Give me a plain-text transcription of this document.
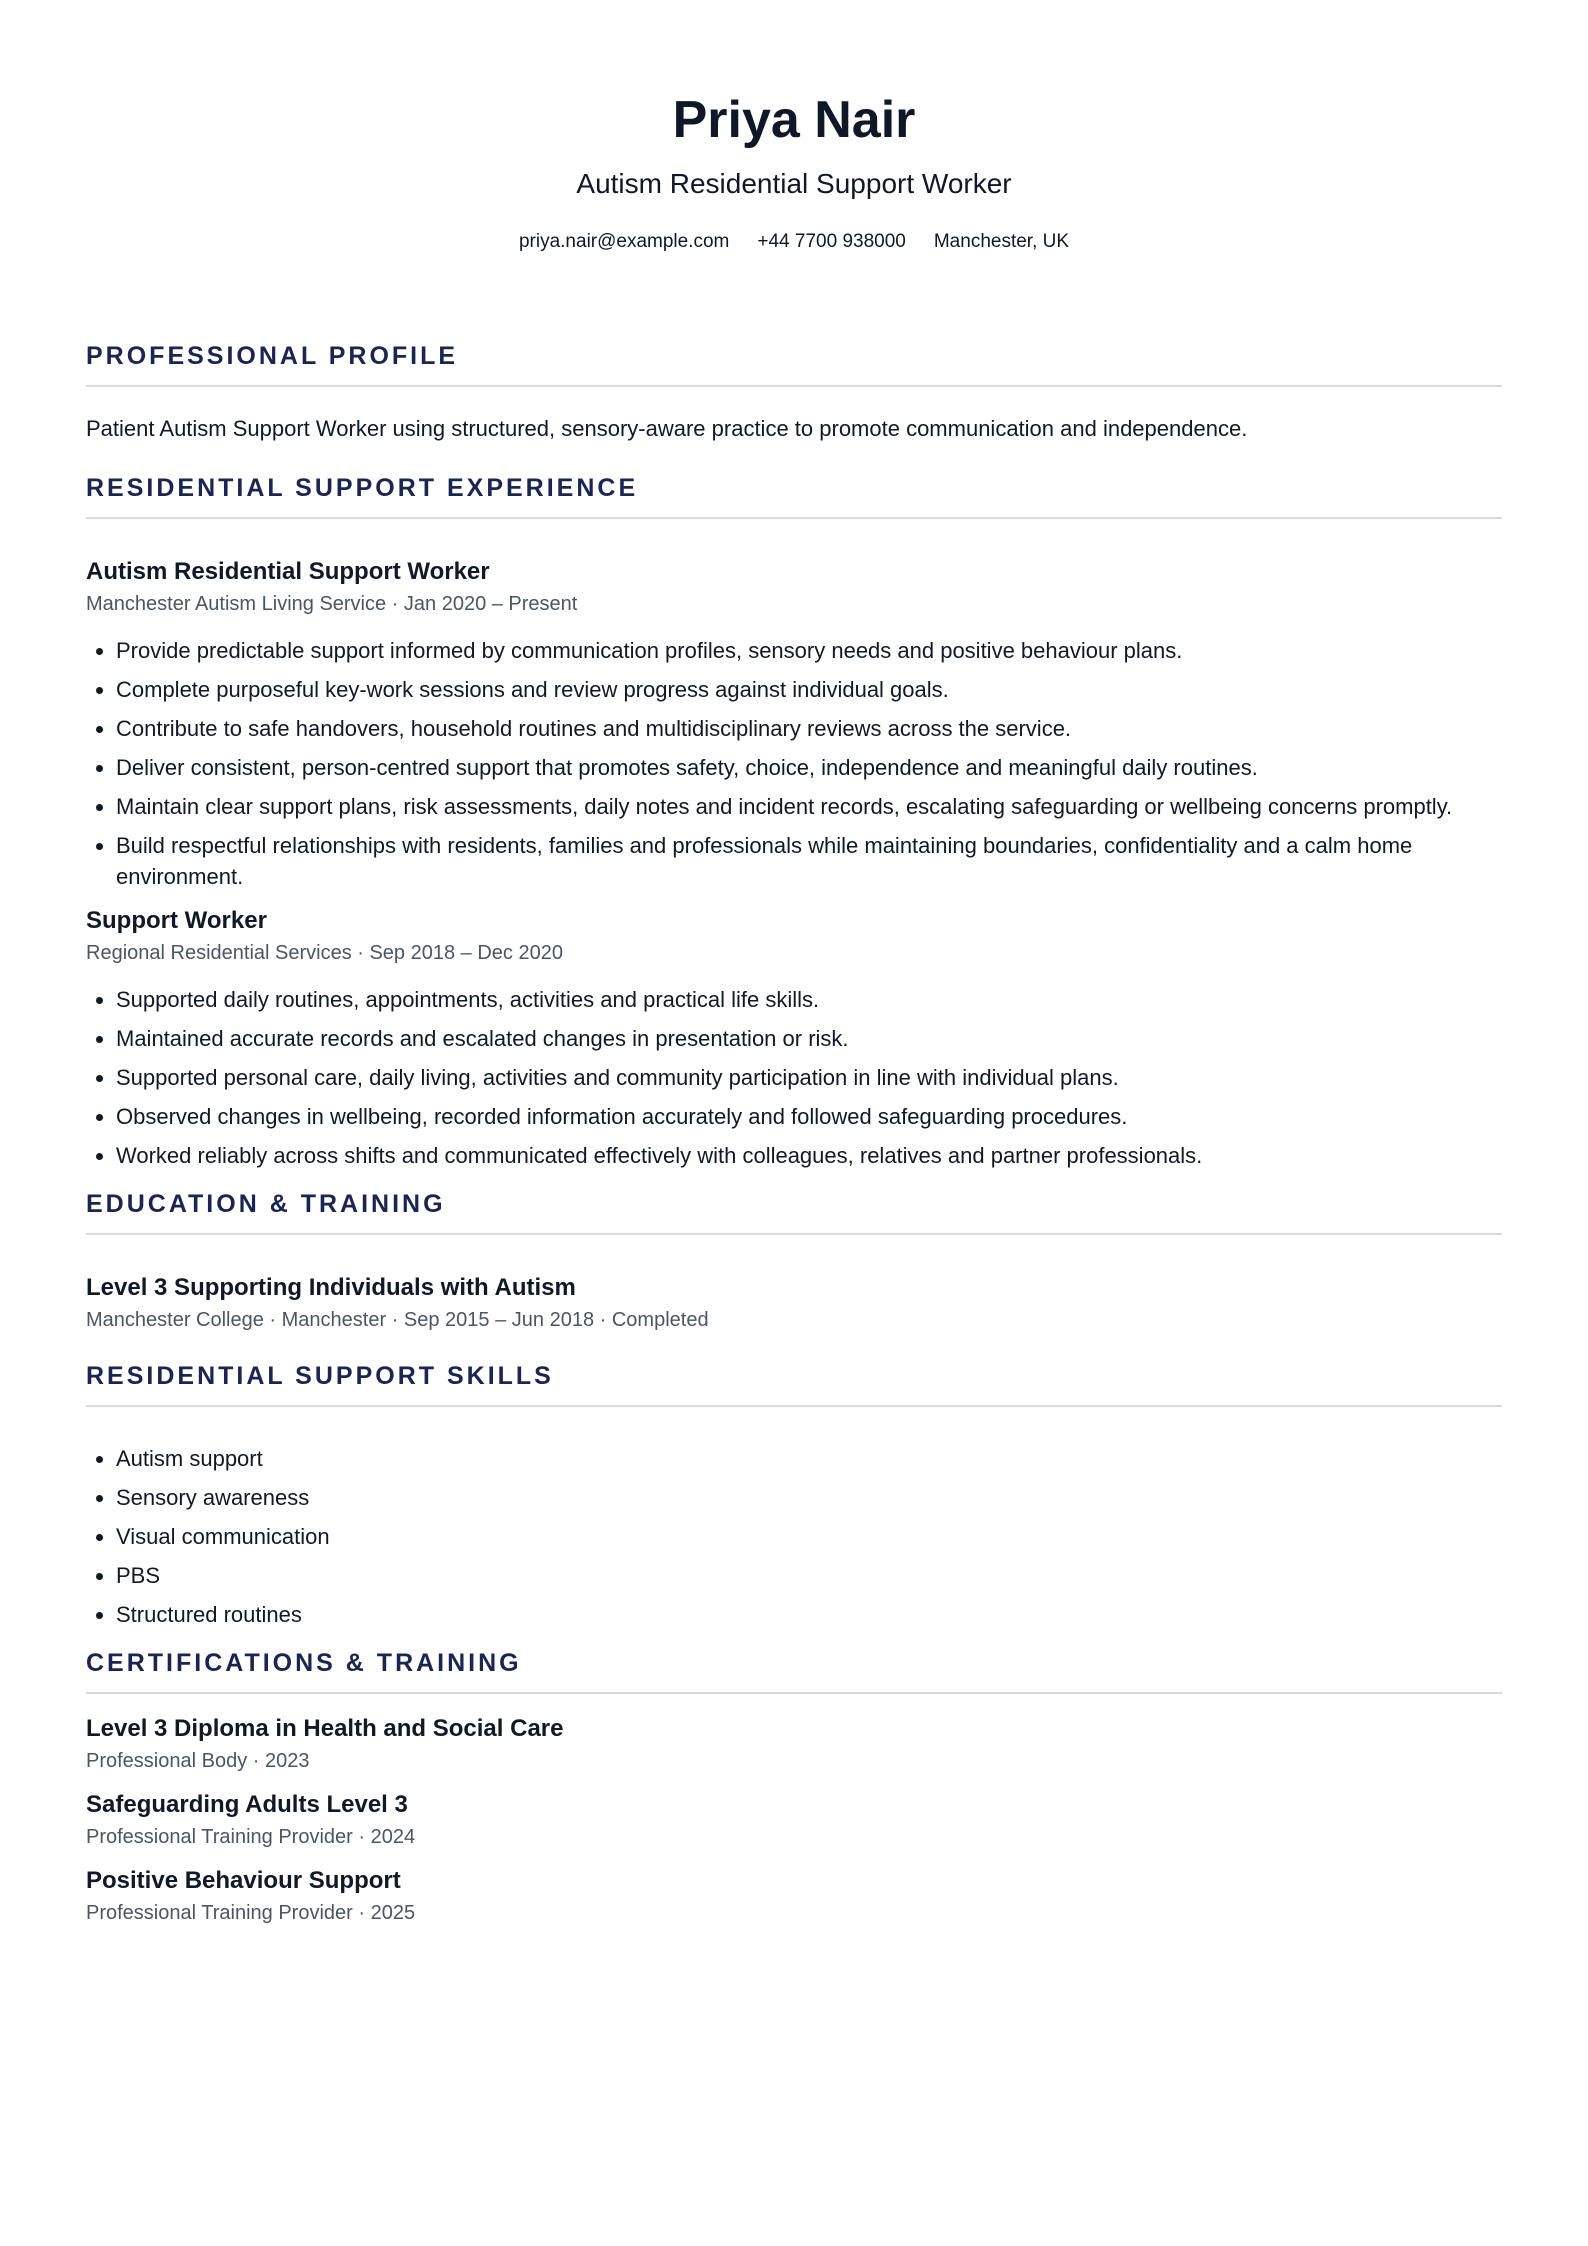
Priya Nair
Autism Residential Support Worker
priya.nair@example.com +44 7700 938000 Manchester, UK
PROFESSIONAL PROFILE

Patient Autism Support Worker using structured, sensory-aware practice to promote communication and independence.

RESIDENTIAL SUPPORT EXPERIENCE
Autism Residential Support Worker
Manchester Autism Living Service · Jan 2020 – Present
• Provide predictable support informed by communication profiles, sensory needs and positive behaviour plans.
• Complete purposeful key-work sessions and review progress against individual goals.
• Contribute to safe handovers, household routines and multidisciplinary reviews across the service.
• Deliver consistent, person-centred support that promotes safety, choice, independence and meaningful daily routines.
• Maintain clear support plans, risk assessments, daily notes and incident records, escalating safeguarding or wellbeing concerns promptly.
• Build respectful relationships with residents, families and professionals while maintaining boundaries, confidentiality and a calm home environment.
Support Worker
Regional Residential Services · Sep 2018 – Dec 2020
• Supported daily routines, appointments, activities and practical life skills.
• Maintained accurate records and escalated changes in presentation or risk.
• Supported personal care, daily living, activities and community participation in line with individual plans.
• Observed changes in wellbeing, recorded information accurately and followed safeguarding procedures.
• Worked reliably across shifts and communicated effectively with colleagues, relatives and partner professionals.
EDUCATION & TRAINING
Level 3 Supporting Individuals with Autism
Manchester College · Manchester · Sep 2015 – Jun 2018 · Completed
RESIDENTIAL SUPPORT SKILLS
• Autism support
• Sensory awareness
• Visual communication
• PBS
• Structured routines
CERTIFICATIONS & TRAINING
Level 3 Diploma in Health and Social Care
Professional Body · 2023
Safeguarding Adults Level 3
Professional Training Provider · 2024
Positive Behaviour Support
Professional Training Provider · 2025
